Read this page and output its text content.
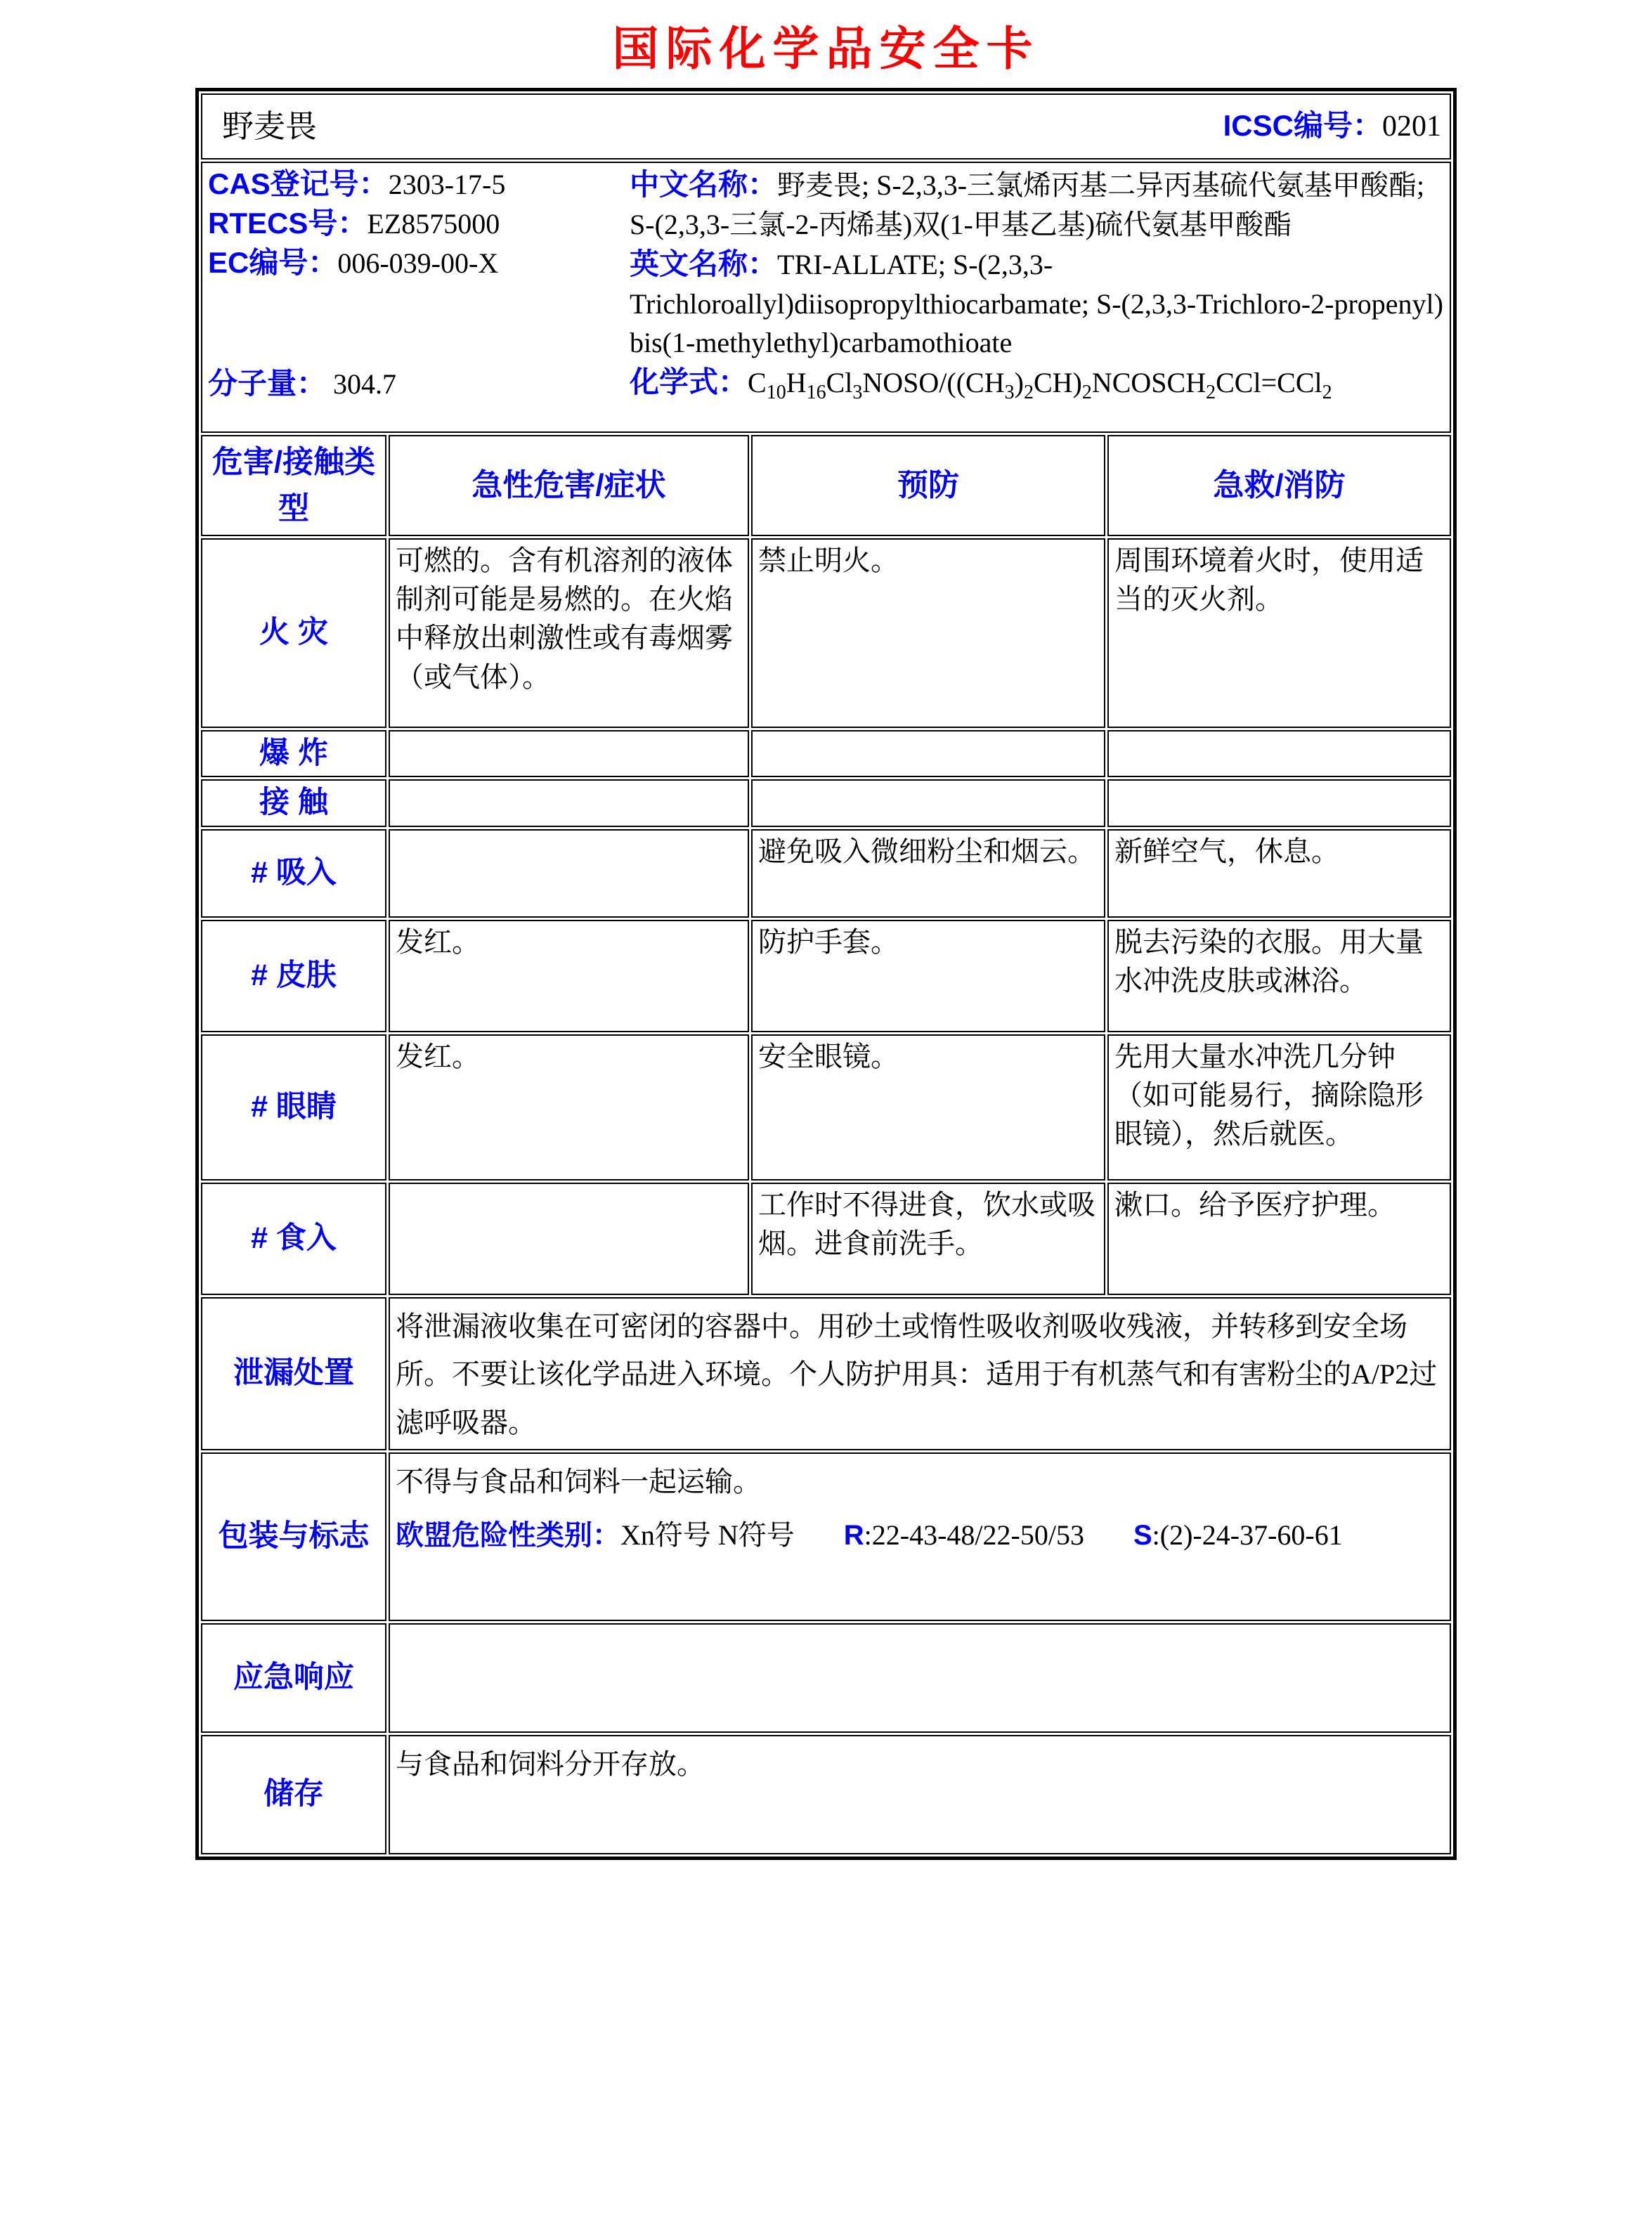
国际化学品安全卡
野麦畏 ICSC编号：0201			

CAS登记号：2303-17-5

RTECS号：EZ8575000

EC编号：006-039-00-X

分子量： 304.7

中文名称：野麦畏; S-2,3,3-三氯烯丙基二异丙基硫代氨基甲酸酯; S-(2,3,3-三氯-2-丙烯基)双(1-甲基乙基)硫代氨基甲酸酯

英文名称：TRI-ALLATE; S-(2,3,3-Trichloroallyl)diisopropylthiocarbamate; S-(2,3,3-Trichloro-2-propenyl) bis(1-methylethyl)carbamothioate

化学式：$C_{10}H_{16}Cl_3NOSO/((CH_3)_2CH)_2NCOSCH_2CCl=CCl_2$

危害/接触类型	急性危害/症状	预防	急救/消防
火 灾	可燃的。含有机溶剂的液体制剂可能是易燃的。在火焰中释放出刺激性或有毒烟雾（或气体）。	禁止明火。	周围环境着火时，使用适当的灭火剂。
爆 炸			
接 触			
# 吸入		避免吸入微细粉尘和烟云。	新鲜空气，休息。
# 皮肤	发红。	防护手套。	脱去污染的衣服。用大量水冲洗皮肤或淋浴。
# 眼睛	发红。	安全眼镜。	先用大量水冲洗几分钟（如可能易行，摘除隐形眼镜），然后就医。
# 食入		工作时不得进食，饮水或吸烟。进食前洗手。	漱口。给予医疗护理。
泄漏处置	将泄漏液收集在可密闭的容器中。用砂土或惰性吸收剂吸收残液，并转移到安全场所。不要让该化学品进入环境。个人防护用具：适用于有机蒸气和有害粉尘的A/P2过滤呼吸器。		
包装与标志	不得与食品和饲料一起运输。
欧盟危险性类别：Xn符号 N符号 R:22-43-48/22-50/53 S:(2)-24-37-60-61		

应急响应			
储存	与食品和饲料分开存放。		
